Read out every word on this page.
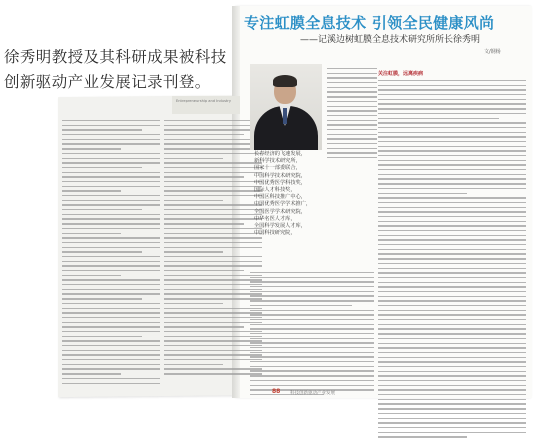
徐秀明教授及其科研成果被科技
创新驱动产业发展记录刊登。
Entrepreneurship and Industry
专注虹膜全息技术 引领全民健康风尚
——记溪边树虹膜全息技术研究所所长徐秀明
文/钢杨
长春经济的飞速发展，
新科学技术研究所，
国家十一部委联合，
中国科学技术研究院，
中国优秀医学科技奖，
国际人才科技奖，
中国区科技推广中心，
中国优秀医学学术推广，
全国医学学术研究院，
中华名医人才库，
全国科学发展人才库，
中国科技研究院，
关注虹膜，远离疾病
88 科技创新驱动产业发展
